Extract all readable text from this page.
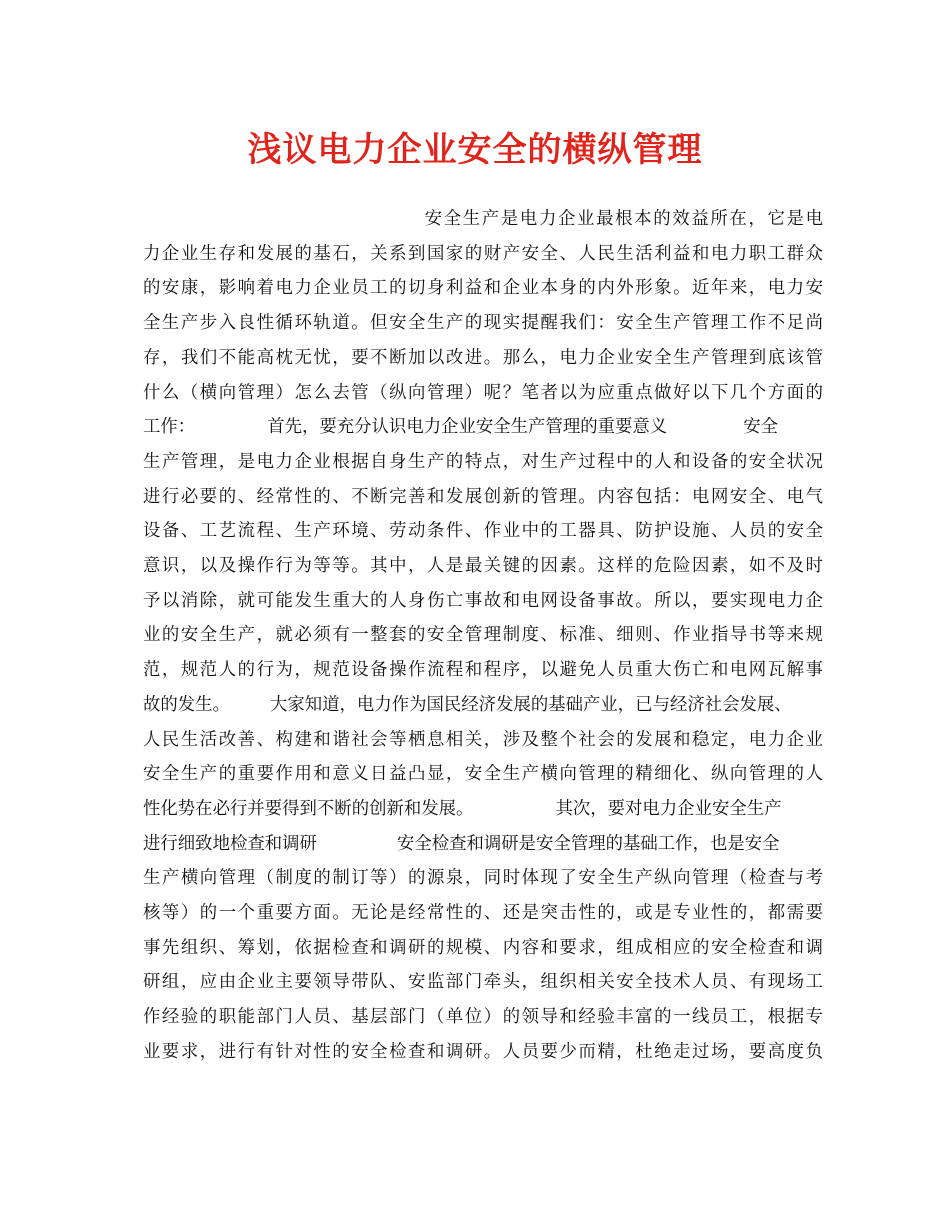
浅议电力企业安全的横纵管理
安全生产是电力企业最根本的效益所在，它是电
力企业生存和发展的基石，关系到国家的财产安全、人民生活利益和电力职工群众
的安康，影响着电力企业员工的切身利益和企业本身的内外形象。近年来，电力安
全生产步入良性循环轨道。但安全生产的现实提醒我们：安全生产管理工作不足尚
存，我们不能高枕无忧，要不断加以改进。那么，电力企业安全生产管理到底该管
什么（横向管理）怎么去管（纵向管理）呢？笔者以为应重点做好以下几个方面的
工作：	首先，要充分认识电力企业安全生产管理的重要意义	安全
生产管理，是电力企业根据自身生产的特点，对生产过程中的人和设备的安全状况
进行必要的、经常性的、不断完善和发展创新的管理。内容包括：电网安全、电气
设备、工艺流程、生产环境、劳动条件、作业中的工器具、防护设施、人员的安全
意识，以及操作行为等等。其中，人是最关键的因素。这样的危险因素，如不及时
予以消除，就可能发生重大的人身伤亡事故和电网设备事故。所以，要实现电力企
业的安全生产，就必须有一整套的安全管理制度、标准、细则、作业指导书等来规
范，规范人的行为，规范设备操作流程和程序，以避免人员重大伤亡和电网瓦解事
故的发生。 大家知道，电力作为国民经济发展的基础产业，已与经济社会发展、
人民生活改善、构建和谐社会等栖息相关，涉及整个社会的发展和稳定，电力企业
安全生产的重要作用和意义日益凸显，安全生产横向管理的精细化、纵向管理的人
性化势在必行并要得到不断的创新和发展。	其次，要对电力企业安全生产
进行细致地检查和调研	安全检查和调研是安全管理的基础工作，也是安全
生产横向管理（制度的制订等）的源泉，同时体现了安全生产纵向管理（检查与考
核等）的一个重要方面。无论是经常性的、还是突击性的，或是专业性的，都需要
事先组织、筹划，依据检查和调研的规模、内容和要求，组成相应的安全检查和调
研组，应由企业主要领导带队、安监部门牵头，组织相关安全技术人员、有现场工
作经验的职能部门人员、基层部门（单位）的领导和经验丰富的一线员工，根据专
业要求，进行有针对性的安全检查和调研。人员要少而精，杜绝走过场，要高度负
